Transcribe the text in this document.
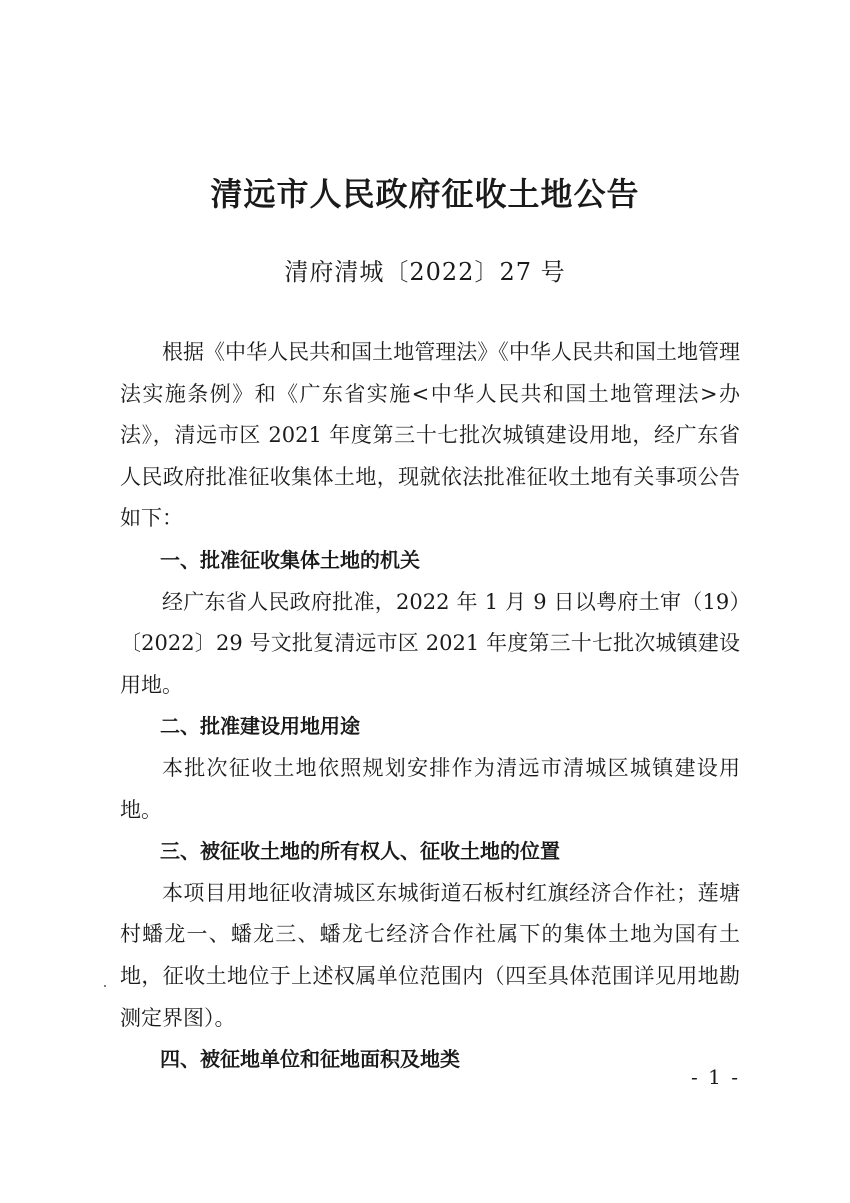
清远市人民政府征收土地公告
清府清城〔2022〕27 号

根据《中华人民共和国土地管理法》《中华人民共和国土地管理法实施条例》和《广东省实施<中华人民共和国土地管理法>办法》，清远市区 2021 年度第三十七批次城镇建设用地，经广东省人民政府批准征收集体土地，现就依法批准征收土地有关事项公告如下：

一、批准征收集体土地的机关

经广东省人民政府批准，2022 年 1 月 9 日以粤府土审（19）〔2022〕29 号文批复清远市区 2021 年度第三十七批次城镇建设用地。

二、批准建设用地用途

本批次征收土地依照规划安排作为清远市清城区城镇建设用地。

三、被征收土地的所有权人、征收土地的位置

本项目用地征收清城区东城街道石板村红旗经济合作社；莲塘村蟠龙一、蟠龙三、蟠龙七经济合作社属下的集体土地为国有土地，征收土地位于上述权属单位范围内（四至具体范围详见用地勘测定界图）。

四、被征地单位和征地面积及地类

- 1 -
